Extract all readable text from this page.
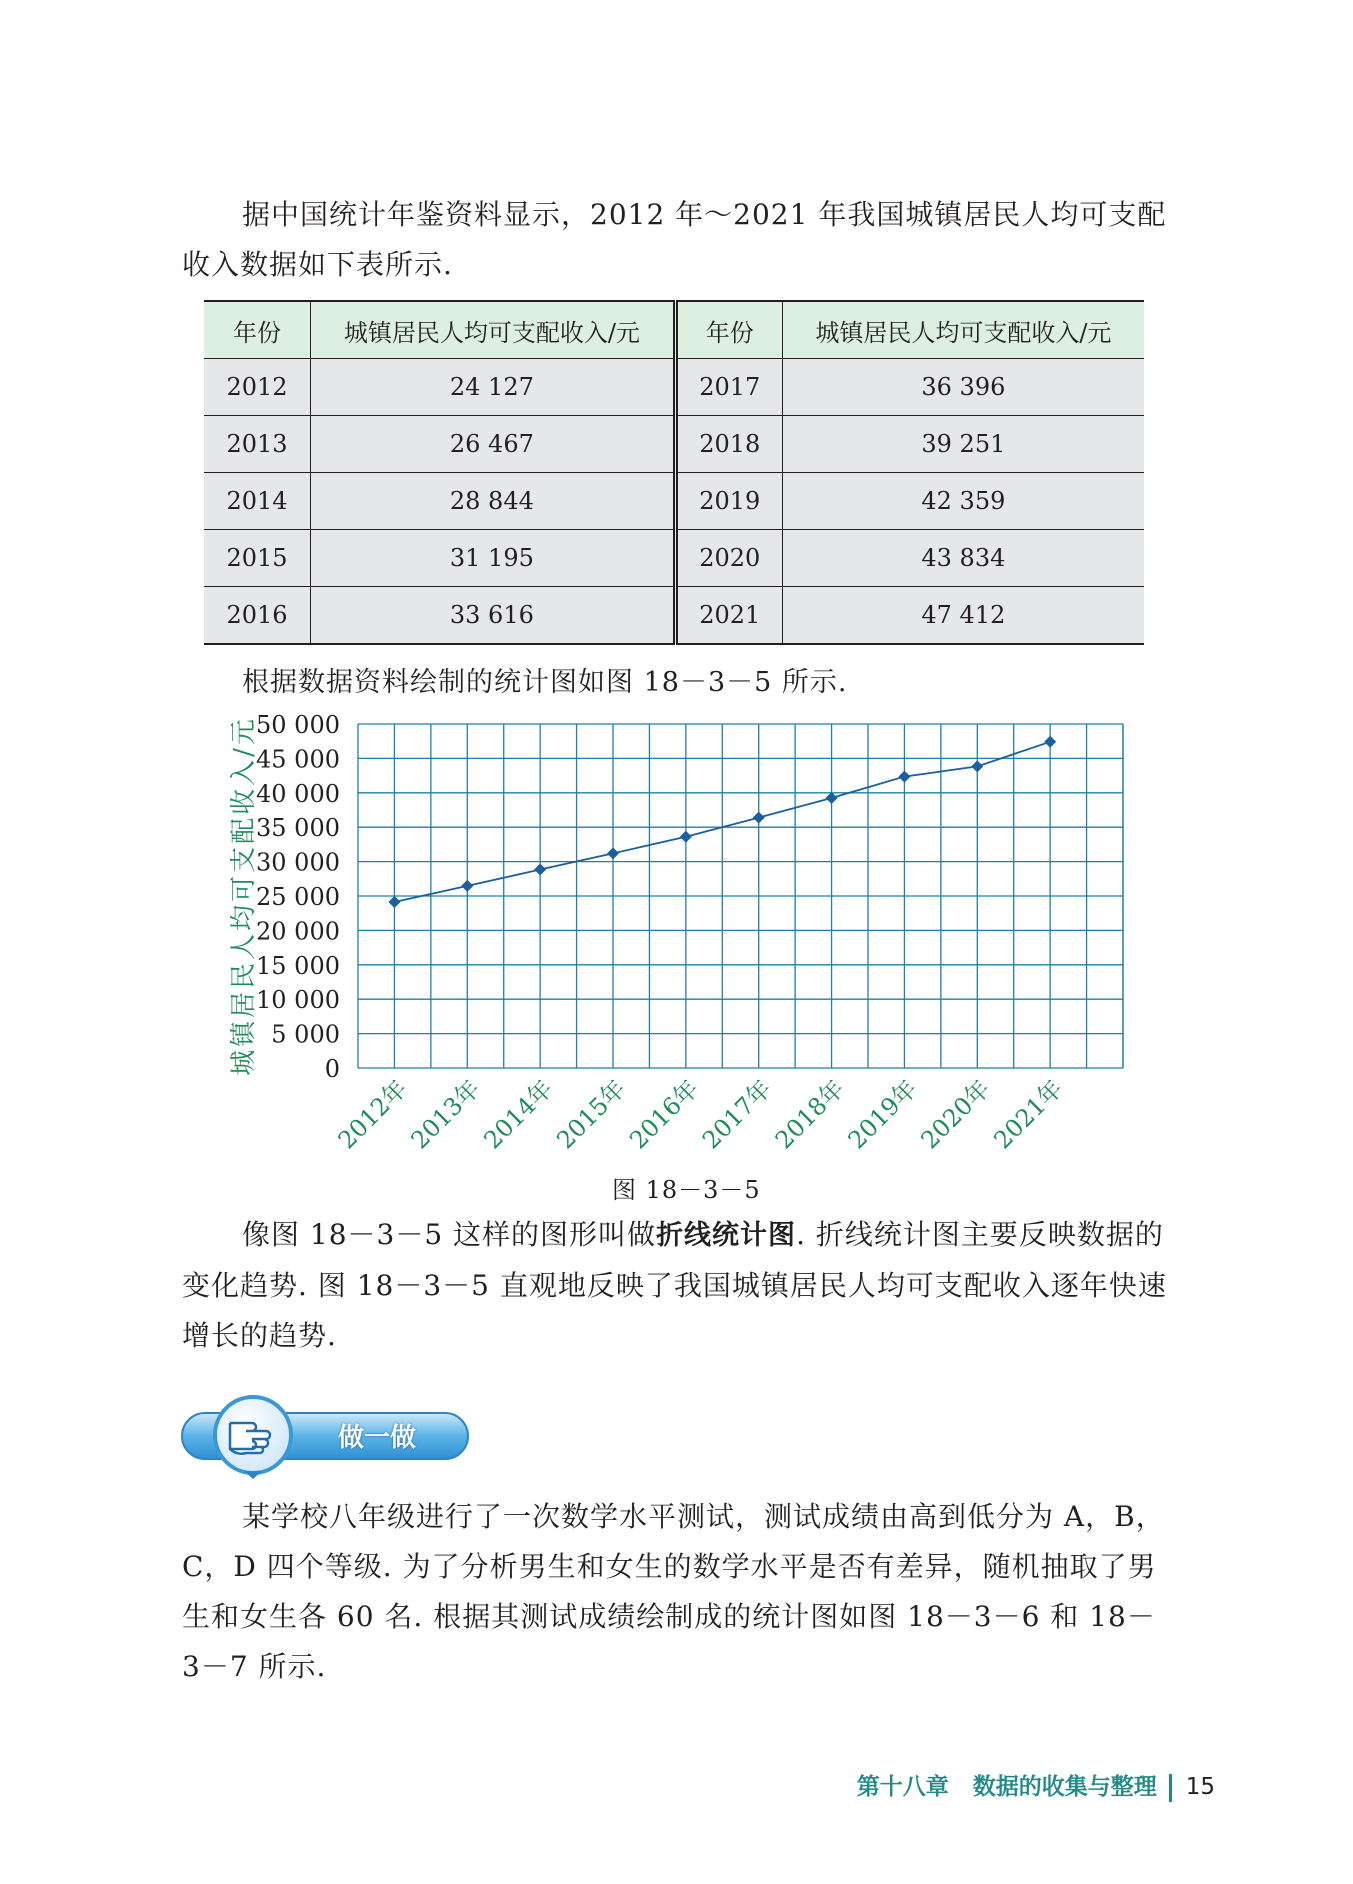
据中国统计年鉴资料显示，2012 年～2021 年我国城镇居民人均可支配收入数据如下表所示.

年份	城镇居民人均可支配收入/元	年份	城镇居民人均可支配收入/元
2012	24 127	2017	36 396
2013	26 467	2018	39 251
2014	28 844	2019	42 359
2015	31 195	2020	43 834
2016	33 616	2021	47 412
根据数据资料绘制的统计图如图 18－3－5 所示.
0
5 000
10 000
15 000
20 000
25 000
30 000
35 000
40 000
45 000
50 000
城镇居民人均可支配收入/元
2012年
2013年
2014年
2015年
2016年
2017年
2018年
2019年
2020年
2021年
图 18－3－5

像图 18－3－5 这样的图形叫做折线统计图. 折线统计图主要反映数据的变化趋势. 图 18－3－5 直观地反映了我国城镇居民人均可支配收入逐年快速增长的趋势.

做一做

某学校八年级进行了一次数学水平测试，测试成绩由高到低分为 A，B，C，D 四个等级. 为了分析男生和女生的数学水平是否有差异，随机抽取了男生和女生各 60 名. 根据其测试成绩绘制成的统计图如图 18－3－6 和 18－3－7 所示.

第十八章 数据的收集与整理 15
